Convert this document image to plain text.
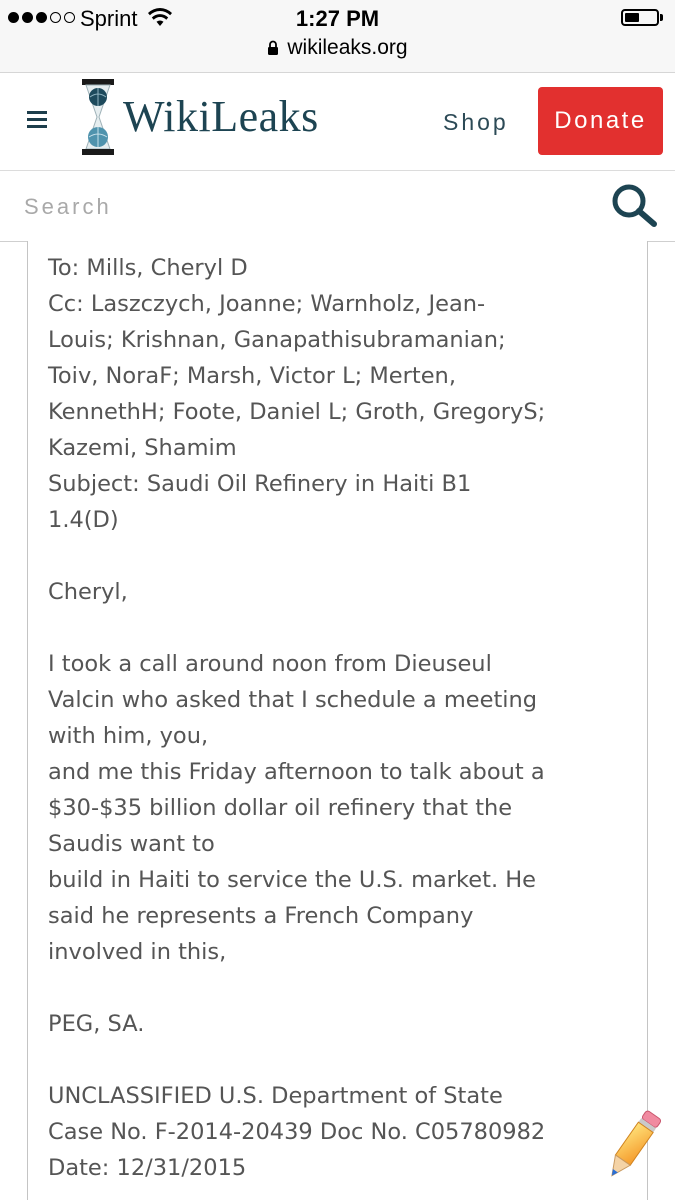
Sprint	1:27 PM
wikileaks.org
WikiLeaks	Shop	Donate
Search
To: Mills, Cheryl D
Cc: Laszczych, Joanne; Warnholz, Jean-
Louis; Krishnan, Ganapathisubramanian;
Toiv, NoraF; Marsh, Victor L; Merten,
KennethH; Foote, Daniel L; Groth, GregoryS;
Kazemi, Shamim
Subject: Saudi Oil Refinery in Haiti B1
1.4(D)

Cheryl,

I took a call around noon from Dieuseul
Valcin who asked that I schedule a meeting
with him, you,
and me this Friday afternoon to talk about a
$30-$35 billion dollar oil refinery that the
Saudis want to
build in Haiti to service the U.S. market. He
said he represents a French Company
involved in this,

PEG, SA.

UNCLASSIFIED U.S. Department of State
Case No. F-2014-20439 Doc No. C05780982
Date: 12/31/2015
